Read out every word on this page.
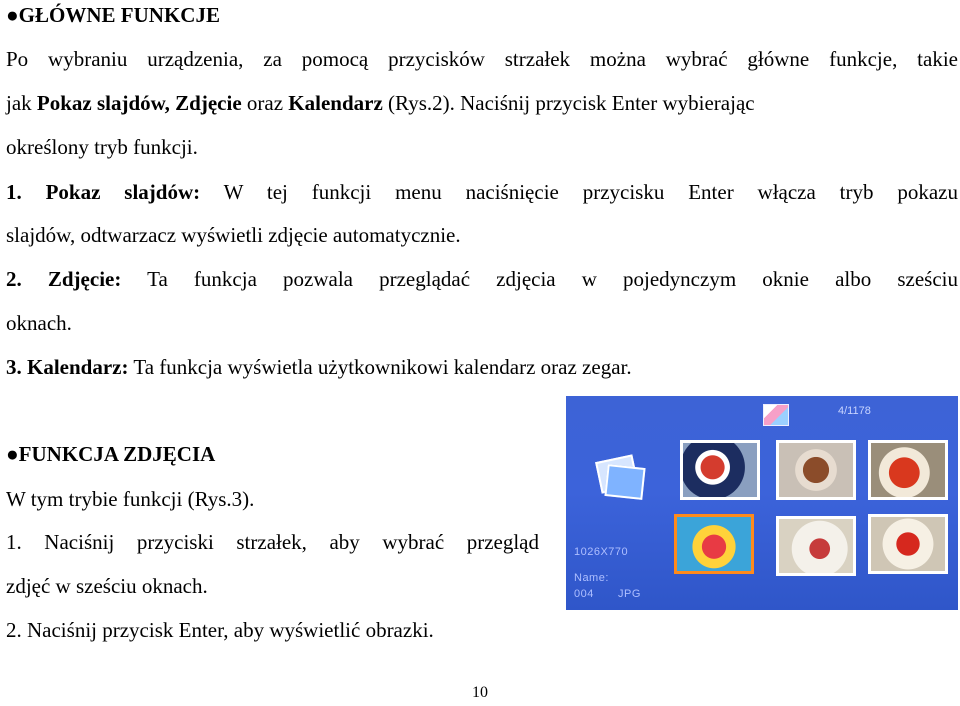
●GŁÓWNE FUNKCJE
Po wybraniu urządzenia, za pomocą przycisków strzałek można wybrać główne funkcje, takie
jak Pokaz slajdów, Zdjęcie oraz Kalendarz (Rys.2). Naciśnij przycisk Enter wybierając
określony tryb funkcji.
1. Pokaz slajdów: W tej funkcji menu naciśnięcie przycisku Enter włącza tryb pokazu
slajdów, odtwarzacz wyświetli zdjęcie automatycznie.
2. Zdjęcie: Ta funkcja pozwala przeglądać zdjęcia w pojedynczym oknie albo sześciu
oknach.
3. Kalendarz: Ta funkcja wyświetla użytkownikowi kalendarz oraz zegar.
●FUNKCJA ZDJĘCIA
W tym trybie funkcji (Rys.3).
1. Naciśnij przyciski strzałek, aby wybrać przegląd
zdjęć w sześciu oknach.
2. Naciśnij przycisk Enter, aby wyświetlić obrazki.
4/1178
1026X770
Name:
004 JPG
10
